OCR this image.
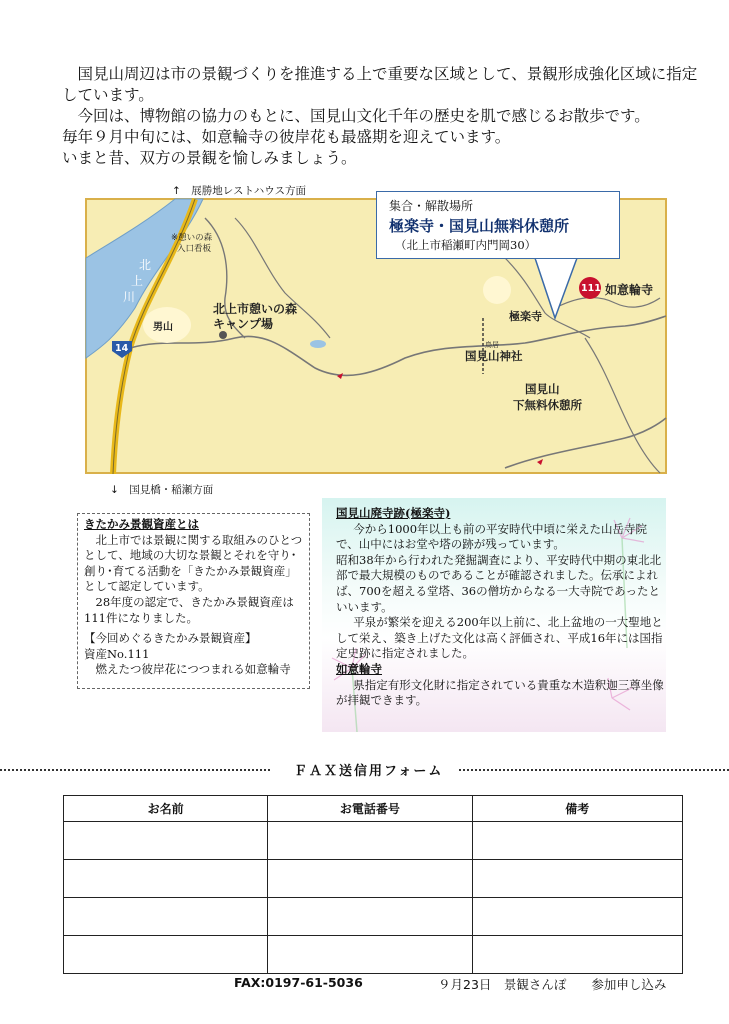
国見山周辺は市の景観づくりを推進する上で重要な区域として、景観形成強化区域に指定しています。

今回は、博物館の協力のもとに、国見山文化千年の歴史を肌で感じるお散歩です。

毎年９月中旬には、如意輪寺の彼岸花も最盛期を迎えています。

いまと昔、双方の景観を愉しみましょう。

↑　展勝地レストハウス方面
北
上
川
14
111
男山
※憩いの森
入口看板
北上市憩いの森
キャンプ場
極楽寺
鳥居
国見山神社
国見山
下無料休憩所
如意輪寺
集合・解散場所
極楽寺・国見山無料休憩所
（北上市稲瀬町内門岡30）
↓　国見橋・稲瀬方面

きたかみ景観資産とは

北上市では景観に関する取組みのひとつとして、地域の大切な景観とそれを守り･創り･育てる活動を「きたかみ景観資産」として認定しています。

28年度の認定で、きたかみ景観資産は111件になりました。

【今回めぐるきたかみ景観資産】

資産No.111

燃えたつ彼岸花につつまれる如意輪寺

国見山廃寺跡(極楽寺)

今から1000年以上も前の平安時代中頃に栄えた山岳寺院で、山中にはお堂や塔の跡が残っています。

昭和38年から行われた発掘調査により、平安時代中期の東北北部で最大規模のものであることが確認されました。伝承によれば、700を超える堂塔、36の僧坊からなる一大寺院であったといいます。

平泉が繁栄を迎える200年以上前に、北上盆地の一大聖地として栄え、築き上げた文化は高く評価され、平成16年には国指定史跡に指定されました。

如意輪寺

県指定有形文化財に指定されている貴重な木造釈迦三尊坐像が拝観できます。

ＦＡＸ送信用フォーム
お名前	お電話番号	備考

FAX:0197-61-5036	９月23日　景観さんぽ　　参加申し込み
